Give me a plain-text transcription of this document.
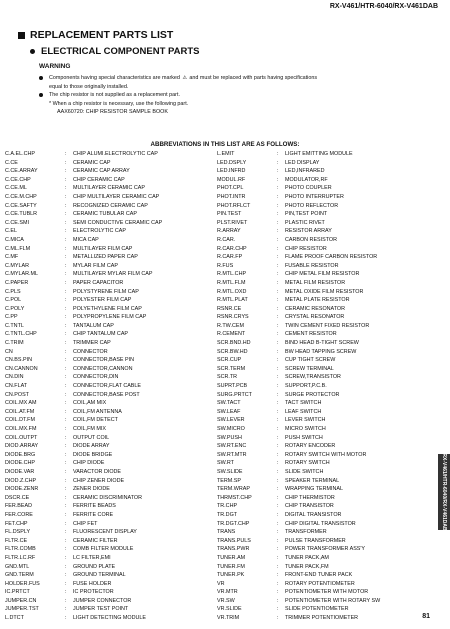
RX-V461/HTR-6040/RX-V461DAB
REPLACEMENT PARTS LIST
ELECTRICAL COMPONENT PARTS
WARNING
Components having special characteristics are marked ⚠ and must be replaced with parts having specifications
equal to those originally installed.
The chip resistor is not supplied as a replacement part.
* When a chip resistor is necessary, use the following part.
AAX60720: CHIP RESISTOR SAMPLE BOOK
ABBREVIATIONS IN THIS LIST ARE AS FOLLOWS:
C.A.EL.CHP	:	CHIP ALUMI.ELECTROLYTIC CAP
C.CE	:	CERAMIC CAP
C.CE.ARRAY	:	CERAMIC CAP ARRAY
C.CE.CHP	:	CHIP CERAMIC CAP
C.CE.ML	:	MULTILAYER CERAMIC CAP
C.CE.M.CHP	:	CHIP MULTILAYER CERAMIC CAP
C.CE.SAFTY	:	RECOGNIZED CERAMIC CAP
C.CE.TUBLR	:	CERAMIC TUBULAR CAP
C.CE.SMI	:	SEMI CONDUCTIVE CERAMIC CAP
C.EL	:	ELECTROLYTIC CAP
C.MICA	:	MICA CAP
C.ML.FLM	:	MULTILAYER FILM CAP
C.MF	:	METALLIZED PAPER CAP
C.MYLAR	:	MYLAR FILM CAP
C.MYLAR.ML	:	MULTILAYER MYLAR FILM CAP
C.PAPER	:	PAPER CAPACITOR
C.PLS	:	POLYSTYRENE FILM CAP
C.POL	:	POLYESTER FILM CAP
C.POLY	:	POLYETHYLENE FILM CAP
C.PP	:	POLYPROPYLENE FILM CAP
C.TNTL	:	TANTALUM CAP
C.TNTL.CHP	:	CHIP TANTALUM CAP
C.TRIM	:	TRIMMER CAP
CN	:	CONNECTOR
CN.BS.PIN	:	CONNECTOR,BASE PIN
CN.CANNON	:	CONNECTOR,CANNON
CN.DIN	:	CONNECTOR,DIN
CN.FLAT	:	CONNECTOR,FLAT CABLE
CN.POST	:	CONNECTOR,BASE POST
COIL.MX AM	:	COIL,AM MIX
COIL.AT.FM	:	COIL,FM ANTENNA
COIL.DT.FM	:	COIL,FM DETECT
COIL.MX.FM	:	COIL,FM MIX
COIL.OUTPT	:	OUTPUT COIL
DIOD.ARRAY	:	DIODE ARRAY
DIODE.BRG	:	DIODE BRIDGE
DIODE.CHP	:	CHIP DIODE
DIODE.VAR	:	VARACTOR DIODE
DIOD.Z.CHP	:	CHIP ZENER DIODE
DIODE.ZENR	:	ZENER DIODE
DSCR.CE	:	CERAMIC DISCRIMINATOR
FER.BEAD	:	FERRITE BEADS
FER.CORE	:	FERRITE CORE
FET.CHP	:	CHIP FET
FL.DSPLY	:	FLUORESCENT DISPLAY
FLTR.CE	:	CERAMIC FILTER
FLTR.COMB	:	COMB FILTER MODULE
FLTR.LC.RF	:	LC FILTER,EMI
GND.MTL	:	GROUND PLATE
GND.TERM	:	GROUND TERMINAL
HOLDER.FUS	:	FUSE HOLDER
IC.PRTCT	:	IC PROTECTOR
JUMPER.CN	:	JUMPER CONNECTOR
JUMPER.TST	:	JUMPER TEST POINT
L.DTCT	:	LIGHT DETECTING MODULE
L.EMIT	:	LIGHT EMITTING MODULE
LED.DSPLY	:	LED DISPLAY
LED.INFRD	:	LED,INFRARED
MODUL.RF	:	MODULATOR,RF
PHOT.CPL	:	PHOTO COUPLER
PHOT.INTR	:	PHOTO INTERRUPTER
PHOT.RFLCT	:	PHOTO REFLECTOR
PIN.TEST	:	PIN,TEST POINT
PLST.RIVET	:	PLASTIC RIVET
R.ARRAY	:	RESISTOR ARRAY
R.CAR.	:	CARBON RESISTOR
R.CAR.CHP	:	CHIP RESISTOR
R.CAR.FP	:	FLAME PROOF CARBON RESISTOR
R.FUS	:	FUSABLE RESISTOR
R.MTL.CHP	:	CHIP METAL FILM RESISTOR
R.MTL.FLM	:	METAL FILM RESISTOR
R.MTL.OXD	:	METAL OXIDE FILM RESISTOR
R.MTL.PLAT	:	METAL PLATE RESISTOR
RSNR.CE	:	CERAMIC RESONATOR
RSNR.CRYS	:	CRYSTAL RESONATOR
R.TW.CEM	:	TWIN CEMENT FIXED RESISTOR
R.CEMENT	:	CEMENT RESISTOR
SCR.BND.HD	:	BIND HEAD B-TIGHT SCREW
SCR.BW.HD	:	BW HEAD TAPPING SCREW
SCR.CUP	:	CUP TIGHT SCREW
SCR.TERM	:	SCREW TERMINAL
SCR.TR	:	SCREW,TRANSISTOR
SUPRT.PCB	:	SUPPORT,P.C.B.
SURG.PRTCT	:	SURGE PROTECTOR
SW.TACT	:	TACT SWITCH
SW.LEAF	:	LEAF SWITCH
SW.LEVER	:	LEVER SWITCH
SW.MICRO	:	MICRO SWITCH
SW.PUSH	:	PUSH SWITCH
SW.RT.ENC	:	ROTARY ENCODER
SW.RT.MTR	:	ROTARY SWITCH WITH MOTOR
SW.RT	:	ROTARY SWITCH
SW.SLIDE	:	SLIDE SWITCH
TERM.SP	:	SPEAKER TERMINAL
TERM.WRAP	:	WRAPPING TERMINAL
THRMST.CHP	:	CHIP THERMISTOR
TR.CHP	:	CHIP TRANSISTOR
TR.DGT	:	DIGITAL TRANSISTOR
TR.DGT.CHP	:	CHIP DIGITAL TRANSISTOR
TRANS	:	TRANSFORMER
TRANS.PULS	:	PULSE TRANSFORMER
TRANS.PWR	:	POWER TRANSFORMER ASS'Y
TUNER.AM	:	TUNER PACK,AM
TUNER.FM	:	TUNER PACK,FM
TUNER.PK	:	FRONT-END TUNER PACK
VR	:	ROTARY POTENTIOMETER
VR.MTR	:	POTENTIOMETER WITH MOTOR
VR.SW	:	POTENTIOMETER WITH ROTARY SW
VR.SLIDE	:	SLIDE POTENTIOMETER
VR.TRIM	:	TRIMMER POTENTIOMETER
RX-V461/HTR-6040/RX-V461DAB
81
